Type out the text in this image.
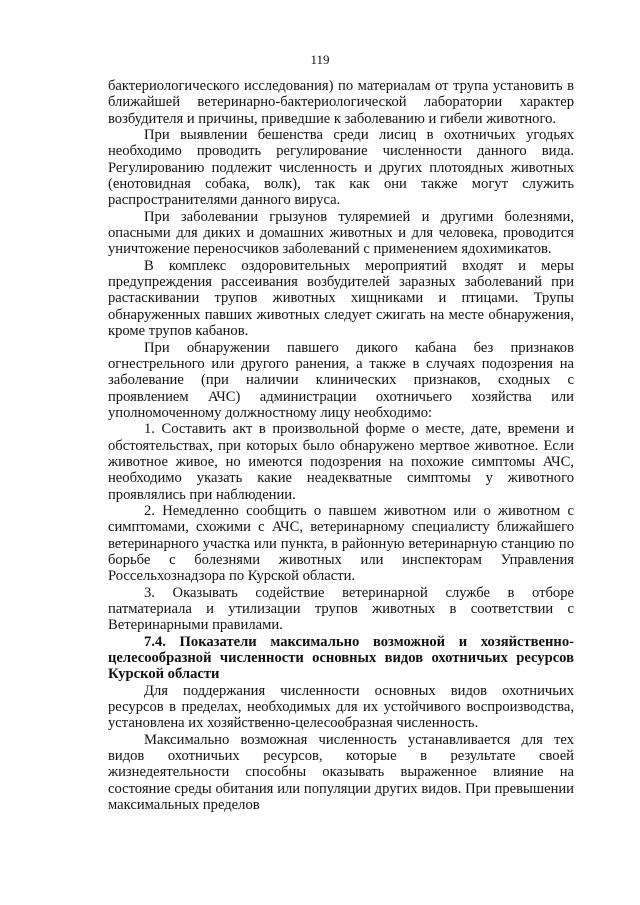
119

бактериологического исследования) по материалам от трупа установить в ближайшей ветеринарно-бактериологической лаборатории характер возбудителя и причины, приведшие к заболеванию и гибели животного.

При выявлении бешенства среди лисиц в охотничьих угодьях необходимо проводить регулирование численности данного вида. Регулированию подлежит численность и других плотоядных животных (енотовидная собака, волк), так как они также могут служить распространителями данного вируса.

При заболевании грызунов туляремией и другими болезнями, опасными для диких и домашних животных и для человека, проводится уничтожение переносчиков заболеваний с применением ядохимикатов.

В комплекс оздоровительных мероприятий входят и меры предупреждения рассеивания возбудителей заразных заболеваний при растаскивании трупов животных хищниками и птицами. Трупы обнаруженных павших животных следует сжигать на месте обнаружения, кроме трупов кабанов.

При обнаружении павшего дикого кабана без признаков огнестрельного или другого ранения, а также в случаях подозрения на заболевание (при наличии клинических признаков, сходных с проявлением АЧС) администрации охотничьего хозяйства или уполномоченному должностному лицу необходимо:

1. Составить акт в произвольной форме о месте, дате, времени и обстоятельствах, при которых было обнаружено мертвое животное. Если животное живое, но имеются подозрения на похожие симптомы АЧС, необходимо указать какие неадекватные симптомы у животного проявлялись при наблюдении.

2. Немедленно сообщить о павшем животном или о животном с симптомами, схожими с АЧС, ветеринарному специалисту ближайшего ветеринарного участка или пункта, в районную ветеринарную станцию по борьбе с болезнями животных или инспекторам Управления Россельхознадзора по Курской области.

3. Оказывать содействие ветеринарной службе в отборе патматериала и утилизации трупов животных в соответствии с Ветеринарными правилами.

7.4. Показатели максимально возможной и хозяйственно-целесообразной численности основных видов охотничьих ресурсов Курской области

Для поддержания численности основных видов охотничьих ресурсов в пределах, необходимых для их устойчивого воспроизводства, установлена их хозяйственно-целесообразная численность.

Максимально возможная численность устанавливается для тех видов охотничьих ресурсов, которые в результате своей жизнедеятельности способны оказывать выраженное влияние на состояние среды обитания или популяции других видов. При превышении максимальных пределов
